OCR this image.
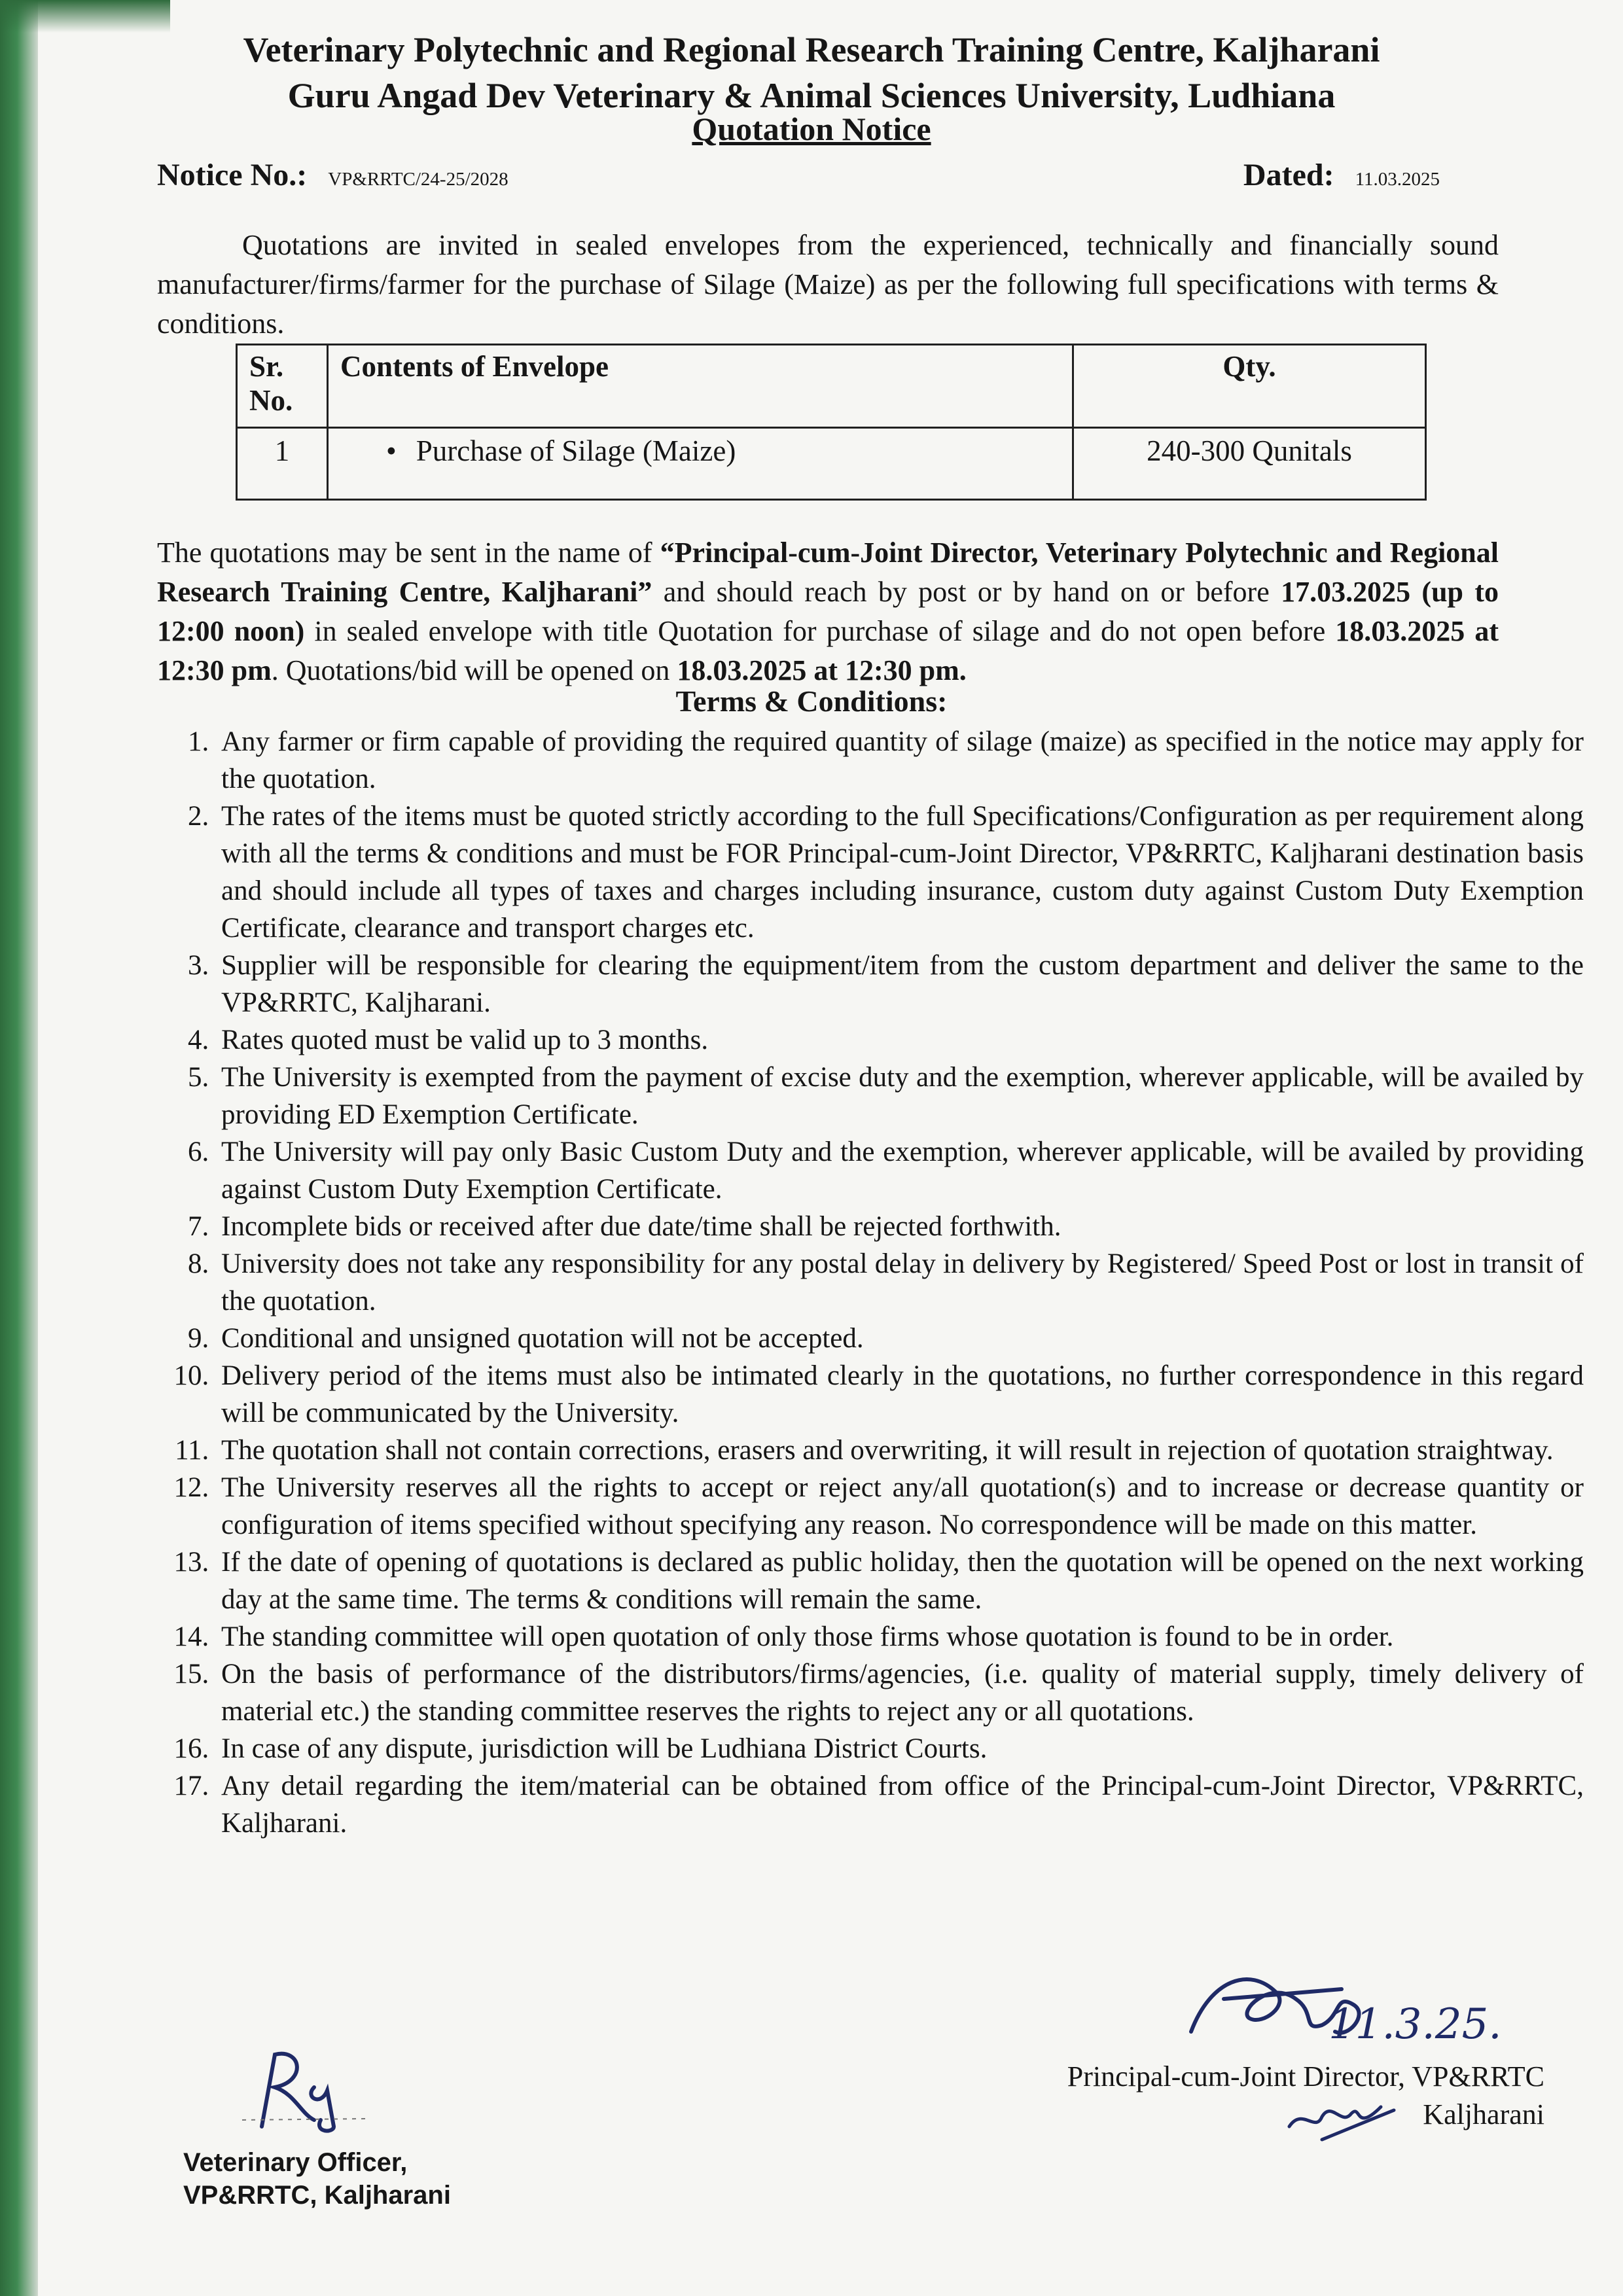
Veterinary Polytechnic and Regional Research Training Centre, Kaljharani
Guru Angad Dev Veterinary & Animal Sciences University, Ludhiana
Quotation Notice
Notice No.: VP&RRTC/24-25/2028	Dated: 11.03.2025
Quotations are invited in sealed envelopes from the experienced, technically and financially sound manufacturer/firms/farmer for the purchase of Silage (Maize) as per the following full specifications with terms & conditions.
Sr. No.	Contents of Envelope	Qty.
1	• Purchase of Silage (Maize)	240-300 Qunitals
The quotations may be sent in the name of “Principal-cum-Joint Director, Veterinary Polytechnic and Regional Research Training Centre, Kaljharani” and should reach by post or by hand on or before 17.03.2025 (up to 12:00 noon) in sealed envelope with title Quotation for purchase of silage and do not open before 18.03.2025 at 12:30 pm. Quotations/bid will be opened on 18.03.2025 at 12:30 pm.
Terms & Conditions:
1. Any farmer or firm capable of providing the required quantity of silage (maize) as specified in the notice may apply for the quotation.
2. The rates of the items must be quoted strictly according to the full Specifications/Configuration as per requirement along with all the terms & conditions and must be FOR Principal-cum-Joint Director, VP&RRTC, Kaljharani destination basis and should include all types of taxes and charges including insurance, custom duty against Custom Duty Exemption Certificate, clearance and transport charges etc.
3. Supplier will be responsible for clearing the equipment/item from the custom department and deliver the same to the VP&RRTC, Kaljharani.
4. Rates quoted must be valid up to 3 months.
5. The University is exempted from the payment of excise duty and the exemption, wherever applicable, will be availed by providing ED Exemption Certificate.
6. The University will pay only Basic Custom Duty and the exemption, wherever applicable, will be availed by providing against Custom Duty Exemption Certificate.
7. Incomplete bids or received after due date/time shall be rejected forthwith.
8. University does not take any responsibility for any postal delay in delivery by Registered/ Speed Post or lost in transit of the quotation.
9. Conditional and unsigned quotation will not be accepted.
10. Delivery period of the items must also be intimated clearly in the quotations, no further correspondence in this regard will be communicated by the University.
11. The quotation shall not contain corrections, erasers and overwriting, it will result in rejection of quotation straightway.
12. The University reserves all the rights to accept or reject any/all quotation(s) and to increase or decrease quantity or configuration of items specified without specifying any reason. No correspondence will be made on this matter.
13. If the date of opening of quotations is declared as public holiday, then the quotation will be opened on the next working day at the same time. The terms & conditions will remain the same.
14. The standing committee will open quotation of only those firms whose quotation is found to be in order.
15. On the basis of performance of the distributors/firms/agencies, (i.e. quality of material supply, timely delivery of material etc.) the standing committee reserves the rights to reject any or all quotations.
16. In case of any dispute, jurisdiction will be Ludhiana District Courts.
17. Any detail regarding the item/material can be obtained from office of the Principal-cum-Joint Director, VP&RRTC, Kaljharani.
11.3.25.
Principal-cum-Joint Director, VP&RRTC
Kaljharani
Veterinary Officer,
VP&RRTC, Kaljharani
